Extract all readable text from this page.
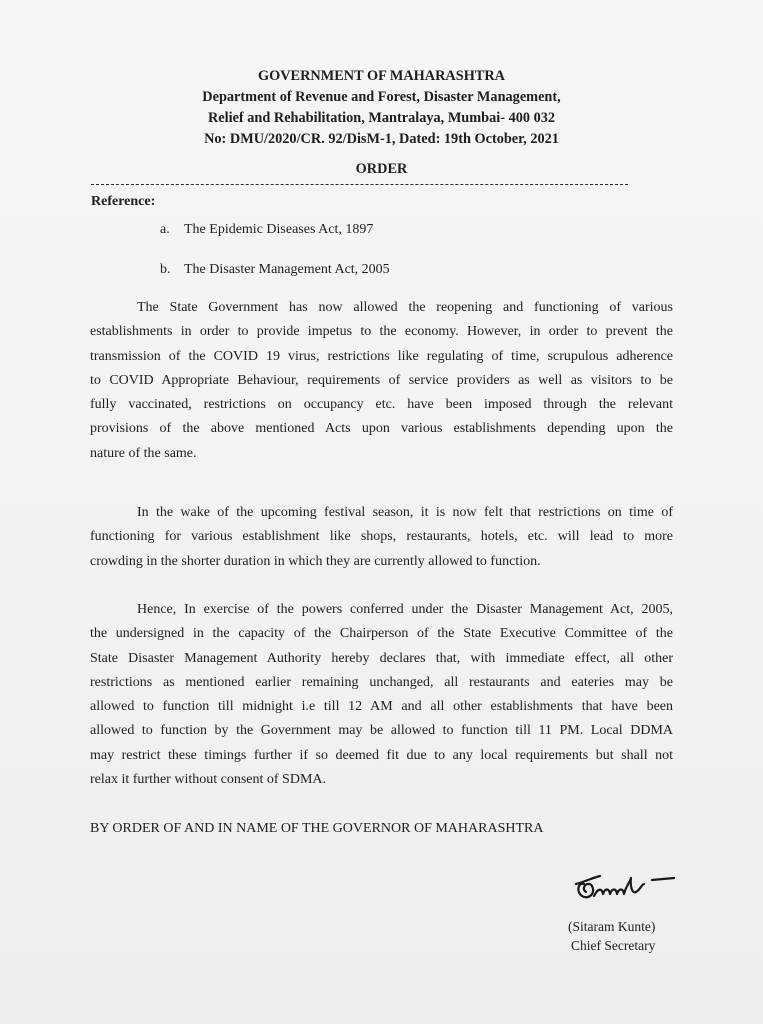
GOVERNMENT OF MAHARASHTRA
Department of Revenue and Forest, Disaster Management,
Relief and Rehabilitation, Mantralaya, Mumbai- 400 032
No: DMU/2020/CR. 92/DisM-1, Dated: 19th October, 2021
ORDER
Reference:
a. The Epidemic Diseases Act, 1897
b. The Disaster Management Act, 2005
The State Government has now allowed the reopening and functioning of various
establishments in order to provide impetus to the economy. However, in order to prevent the
transmission of the COVID 19 virus, restrictions like regulating of time, scrupulous adherence
to COVID Appropriate Behaviour, requirements of service providers as well as visitors to be
fully vaccinated, restrictions on occupancy etc. have been imposed through the relevant
provisions of the above mentioned Acts upon various establishments depending upon the
nature of the same.
In the wake of the upcoming festival season, it is now felt that restrictions on time of
functioning for various establishment like shops, restaurants, hotels, etc. will lead to more
crowding in the shorter duration in which they are currently allowed to function.
Hence, In exercise of the powers conferred under the Disaster Management Act, 2005,
the undersigned in the capacity of the Chairperson of the State Executive Committee of the
State Disaster Management Authority hereby declares that, with immediate effect, all other
restrictions as mentioned earlier remaining unchanged, all restaurants and eateries may be
allowed to function till midnight i.e till 12 AM and all other establishments that have been
allowed to function by the Government may be allowed to function till 11 PM. Local DDMA
may restrict these timings further if so deemed fit due to any local requirements but shall not
relax it further without consent of SDMA.
BY ORDER OF AND IN NAME OF THE GOVERNOR OF MAHARASHTRA
(Sitaram Kunte)
Chief Secretary
